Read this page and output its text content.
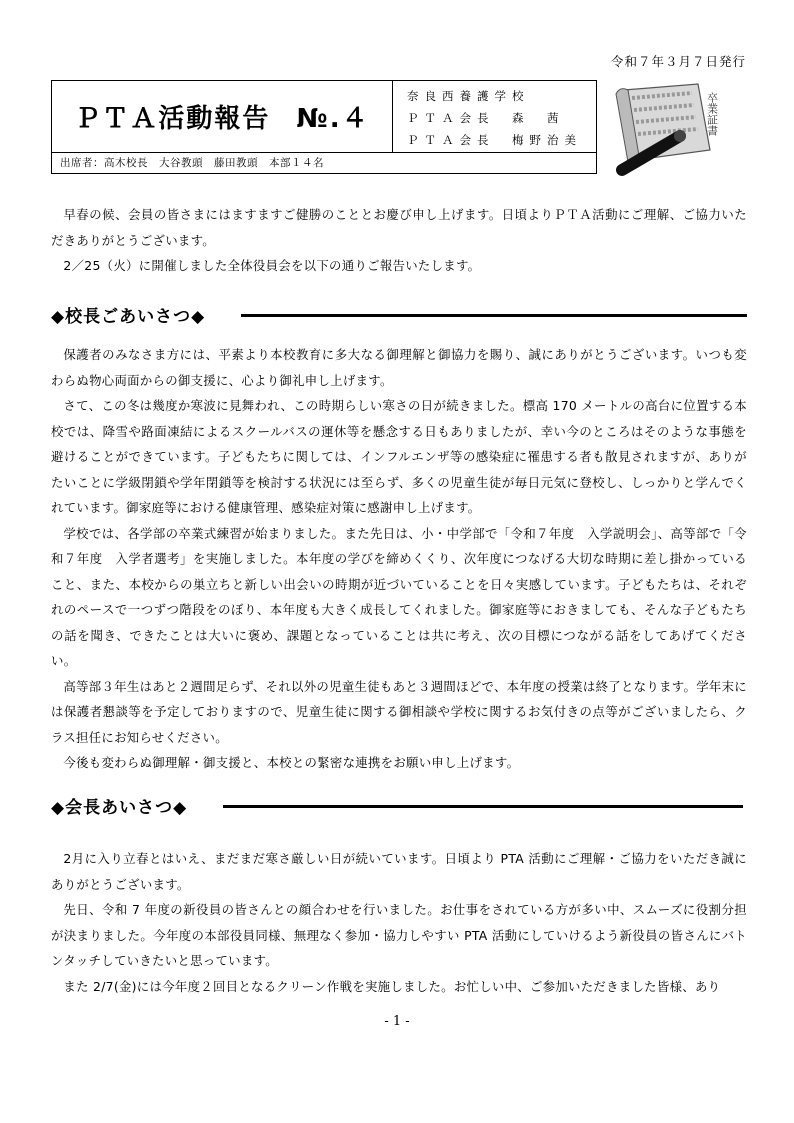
令和７年３月７日発行
ＰＴＡ活動報告 №.４
奈良西養護学校
ＰＴＡ会長　森　茜
ＰＴＡ会長　梅野治美
出席者：高木校長　大谷教頭　藤田教頭　本部１４名
卒業証書

早春の候、会員の皆さまにはますますご健勝のこととお慶び申し上げます。日頃よりＰＴＡ活動にご理解、ご協力いただきありがとうございます。

2／25（火）に開催しました全体役員会を以下の通りご報告いたします。

◆校長ごあいさつ◆

保護者のみなさま方には、平素より本校教育に多大なる御理解と御協力を賜り、誠にありがとうございます。いつも変わらぬ物心両面からの御支援に、心より御礼申し上げます。

さて、この冬は幾度か寒波に見舞われ、この時期らしい寒さの日が続きました。標高 170 メートルの高台に位置する本校では、降雪や路面凍結によるスクールバスの運休等を懸念する日もありましたが、幸い今のところはそのような事態を避けることができています。子どもたちに関しては、インフルエンザ等の感染症に罹患する者も散見されますが、ありがたいことに学級閉鎖や学年閉鎖等を検討する状況には至らず、多くの児童生徒が毎日元気に登校し、しっかりと学んでくれています。御家庭等における健康管理、感染症対策に感謝申し上げます。

学校では、各学部の卒業式練習が始まりました。また先日は、小・中学部で「令和７年度　入学説明会」、高等部で「令和７年度　入学者選考」を実施しました。本年度の学びを締めくくり、次年度につなげる大切な時期に差し掛かっていること、また、本校からの巣立ちと新しい出会いの時期が近づいていることを日々実感しています。子どもたちは、それぞれのペースで一つずつ階段をのぼり、本年度も大きく成長してくれました。御家庭等におきましても、そんな子どもたちの話を聞き、できたことは大いに褒め、課題となっていることは共に考え、次の目標につながる話をしてあげてください。

高等部３年生はあと２週間足らず、それ以外の児童生徒もあと３週間ほどで、本年度の授業は終了となります。学年末には保護者懇談等を予定しておりますので、児童生徒に関する御相談や学校に関するお気付きの点等がございましたら、クラス担任にお知らせください。

今後も変わらぬ御理解・御支援と、本校との緊密な連携をお願い申し上げます。

◆会長あいさつ◆

2月に入り立春とはいえ、まだまだ寒さ厳しい日が続いています。日頃より PTA 活動にご理解・ご協力をいただき誠にありがとうございます。

先日、令和 7 年度の新役員の皆さんとの顔合わせを行いました。お仕事をされている方が多い中、スムーズに役割分担が決まりました。今年度の本部役員同様、無理なく参加・協力しやすい PTA 活動にしていけるよう新役員の皆さんにバトンタッチしていきたいと思っています。

また 2/7(金)には今年度２回目となるクリーン作戦を実施しました。お忙しい中、ご参加いただきました皆様、あり

- 1 -
